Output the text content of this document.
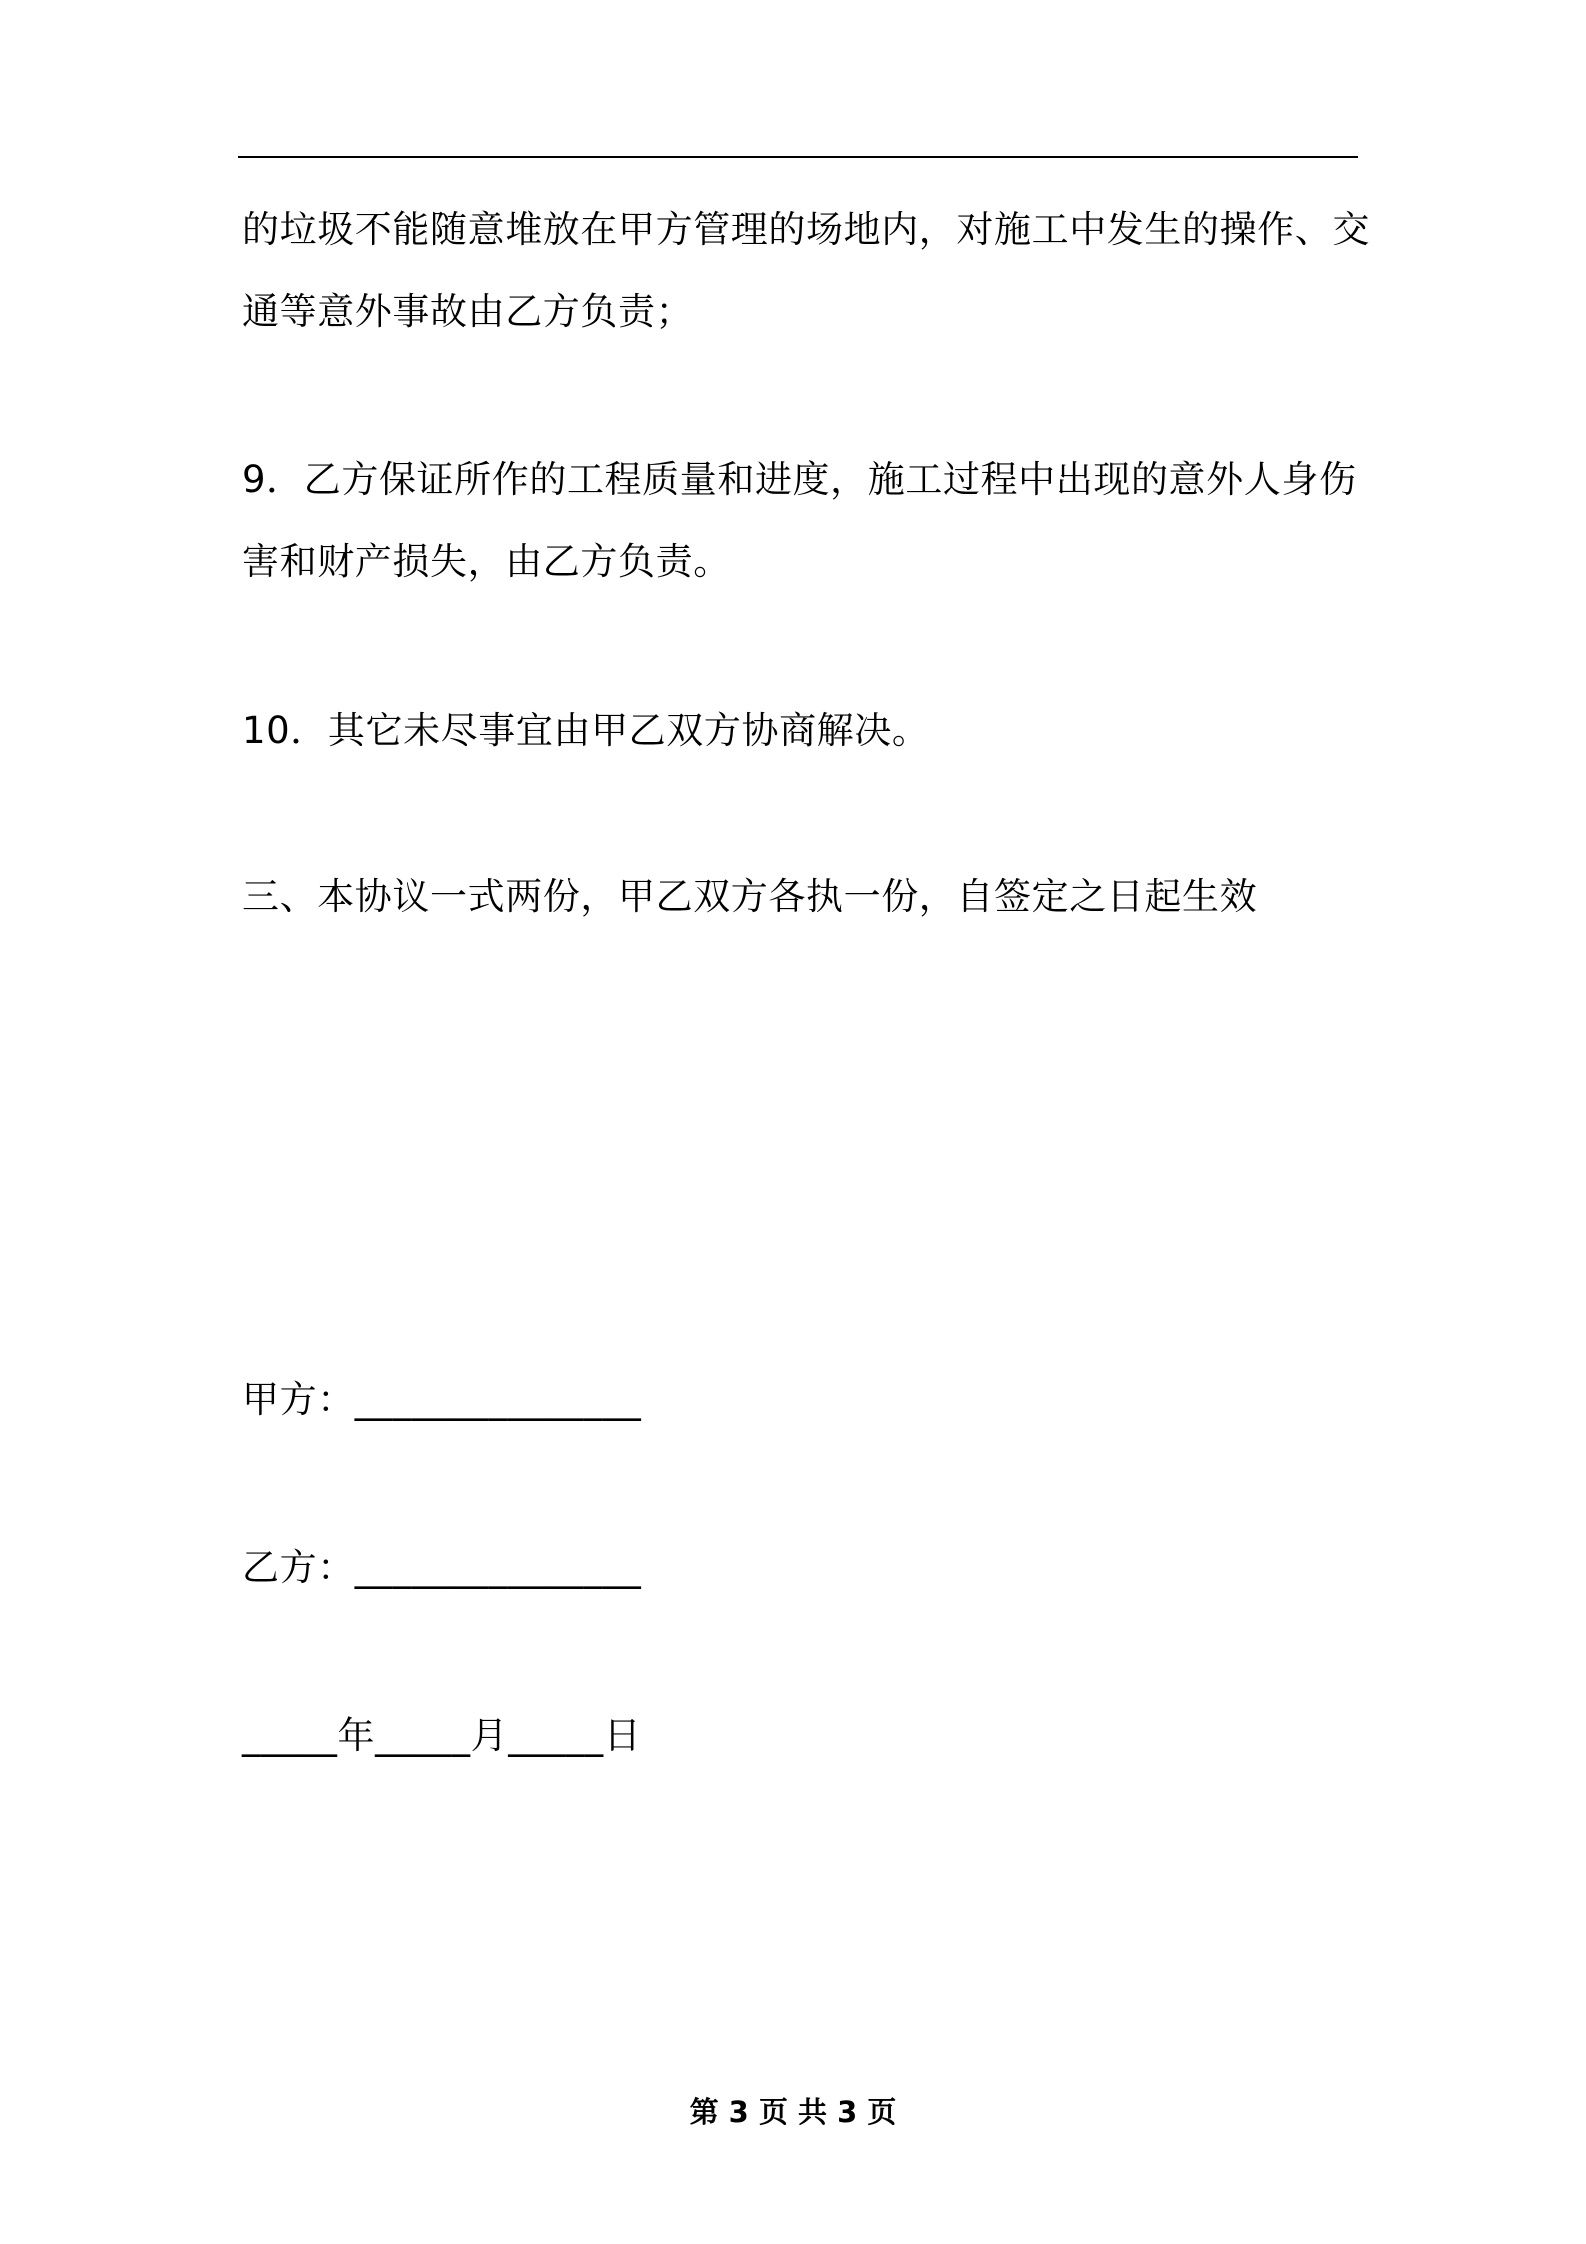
的垃圾不能随意堆放在甲方管理的场地内，对施工中发生的操作、交
通等意外事故由乙方负责；
9．乙方保证所作的工程质量和进度，施工过程中出现的意外人身伤
害和财产损失，由乙方负责。
10．其它未尽事宜由甲乙双方协商解决。
三、本协议一式两份，甲乙双方各执一份，自签定之日起生效
甲方：_______________
乙方：_______________
_____年_____月_____日
第 3 页 共 3 页
